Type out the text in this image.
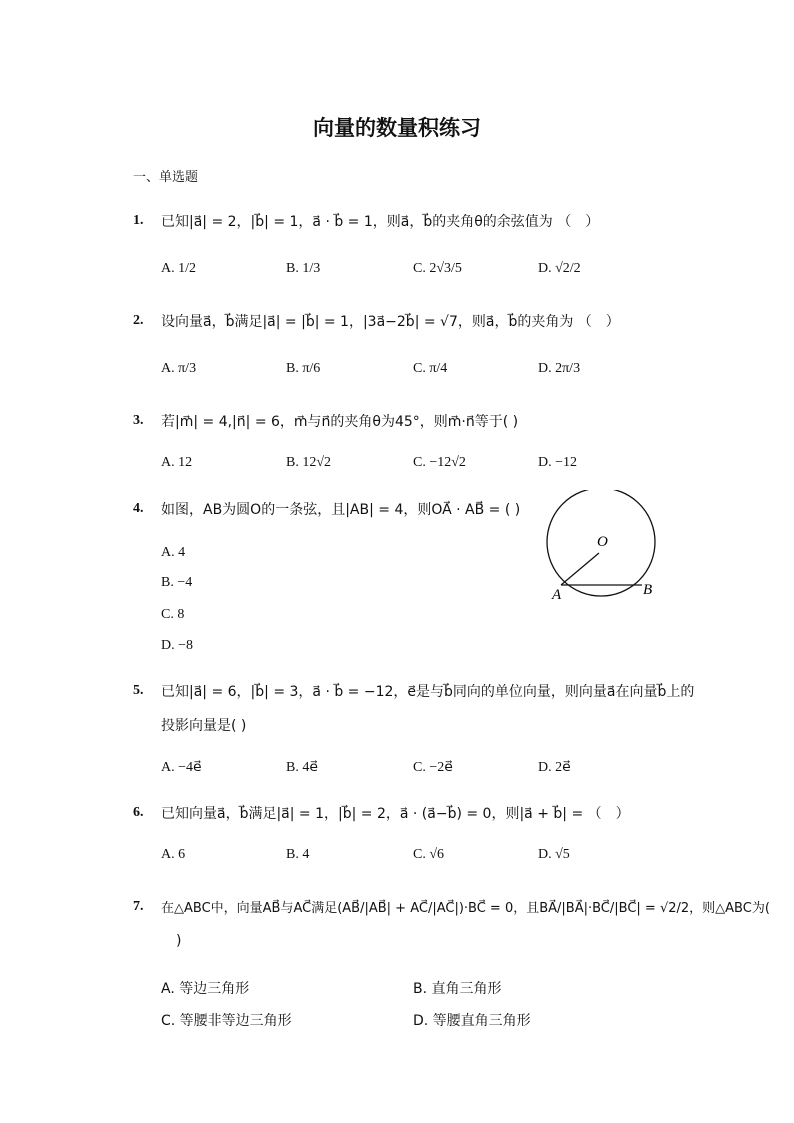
向量的数量积练习
一、单选题
1. 已知|a⃗| = 2，|b⃗| = 1，a⃗ · b⃗ = 1，则a⃗，b⃗的夹角θ的余弦值为 （　）
A. 1/2	B. 1/3	C. 2√3/5	D. √2/2
2. 设向量a⃗，b⃗满足|a⃗| = |b⃗| = 1，|3a⃗−2b⃗| = √7，则a⃗，b⃗的夹角为 （　）
A. π/3	B. π/6	C. π/4	D. 2π/3
3. 若|m⃗| = 4,|n⃗| = 6，m⃗与n⃗的夹角θ为45°，则m⃗·n⃗等于( )
A. 12	B. 12√2	C. −12√2	D. −12
4. 如图，AB为圆O的一条弦，且|AB| = 4，则OA⃗ · AB⃗ = ( )
A. 4
B. −4
C. 8
D. −8
O
A	B
5. 已知|a⃗| = 6，|b⃗| = 3，a⃗ · b⃗ = −12，e⃗是与b⃗同向的单位向量，则向量a⃗在向量b⃗上的
投影向量是( )
A. −4e⃗	B. 4e⃗	C. −2e⃗	D. 2e⃗
6. 已知向量a⃗，b⃗满足|a⃗| = 1，|b⃗| = 2，a⃗ · (a⃗−b⃗) = 0，则|a⃗ + b⃗| = （　）
A. 6	B. 4	C. √6	D. √5
7. 在△ABC中，向量AB⃗与AC⃗满足(AB⃗/|AB⃗| + AC⃗/|AC⃗|)·BC⃗ = 0，且BA⃗/|BA⃗|·BC⃗/|BC⃗| = √2/2，则△ABC为(
)
A. 等边三角形	B. 直角三角形
C. 等腰非等边三角形	D. 等腰直角三角形
